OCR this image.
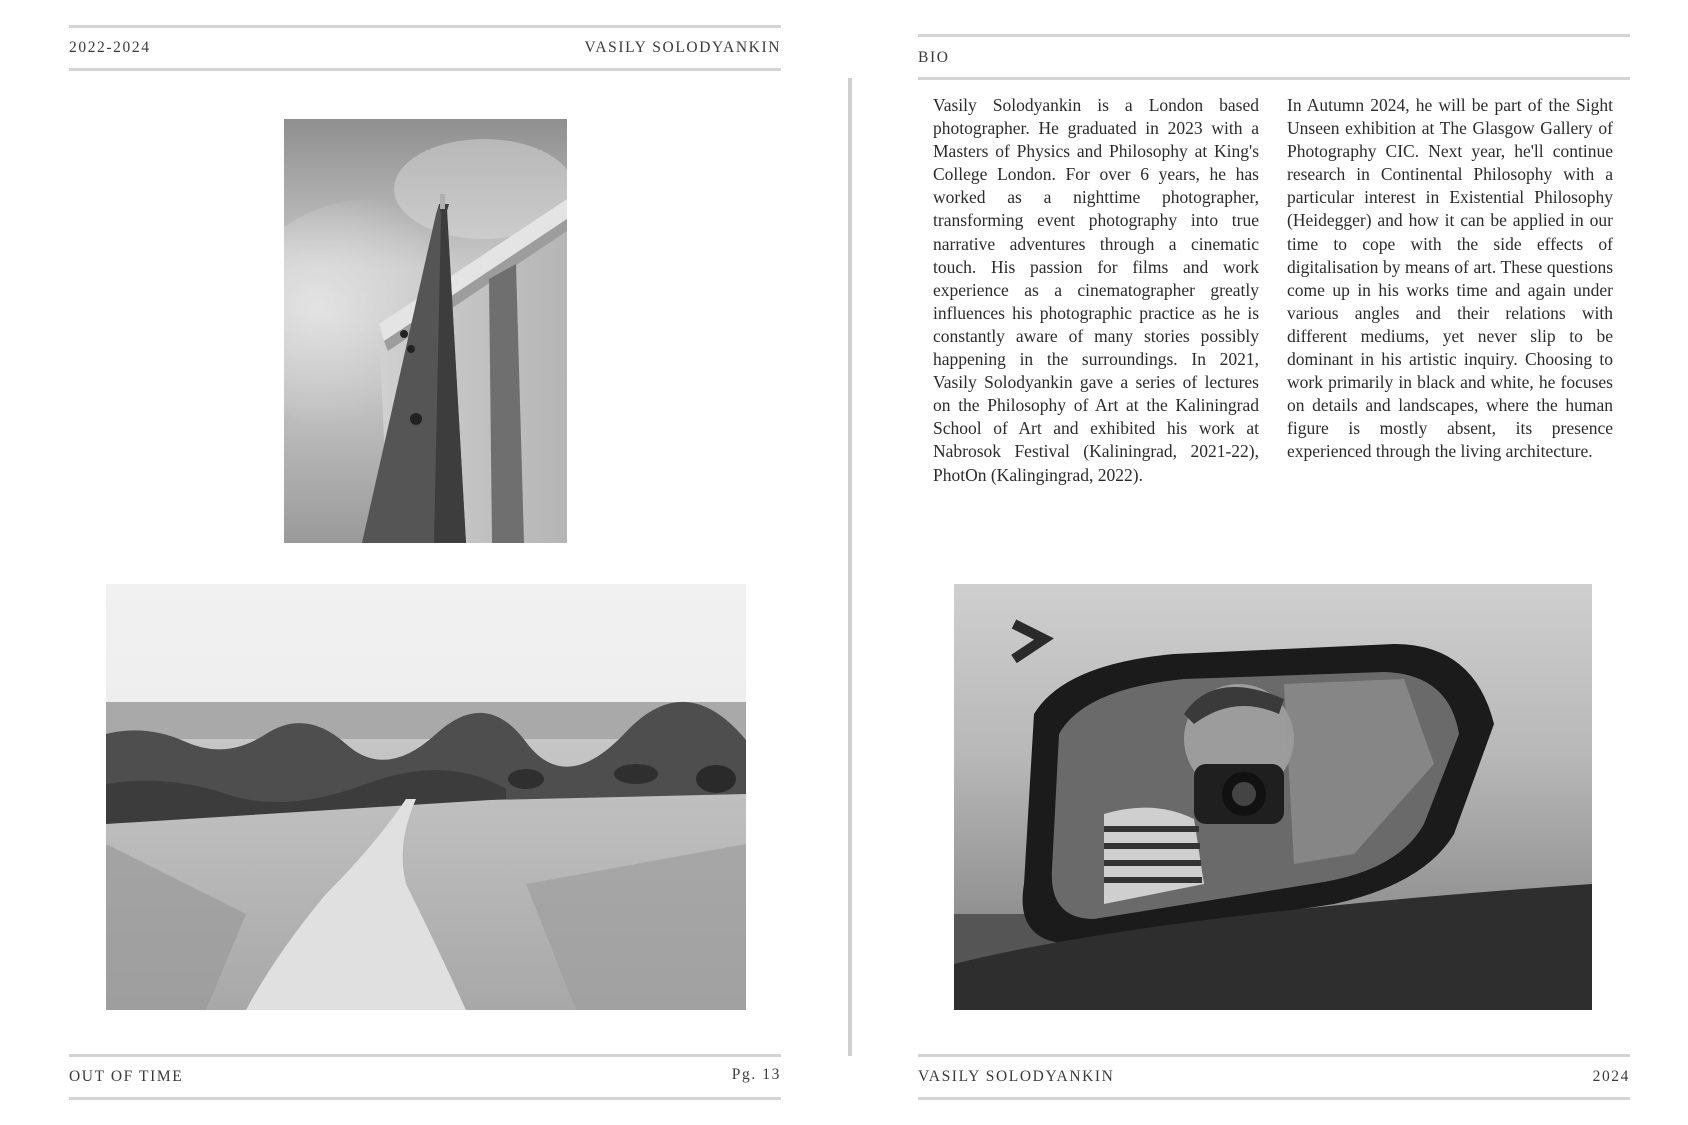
2022-2024	VASILY SOLODYANKIN
OUT OF TIME	Pg. 13
BIO
Vasily Solodyankin is a London based photographer. He graduated in 2023 with a Masters of Physics and Philosophy at King's College London. For over 6 years, he has worked as a nighttime photographer, transforming event photography into true narrative adventures through a cinematic touch. His passion for films and work experience as a cinematographer greatly influences his photographic practice as he is constantly aware of many stories possibly happening in the surroundings. In 2021, Vasily Solodyankin gave a series of lectures on the Philosophy of Art at the Kaliningrad School of Art and exhibited his work at Nabrosok Festival (Kaliningrad, 2021-22), PhotOn (Kalingingrad, 2022).
In Autumn 2024, he will be part of the Sight Unseen exhibition at The Glasgow Gallery of Photography CIC. Next year, he'll continue research in Continental Philosophy with a particular interest in Existential Philosophy (Heidegger) and how it can be applied in our time to cope with the side effects of digitalisation by means of art. These questions come up in his works time and again under various angles and their relations with different mediums, yet never slip to be dominant in his artistic inquiry. Choosing to work primarily in black and white, he focuses on details and landscapes, where the human figure is mostly absent, its presence experienced through the living architecture.
VASILY SOLODYANKIN	2024
